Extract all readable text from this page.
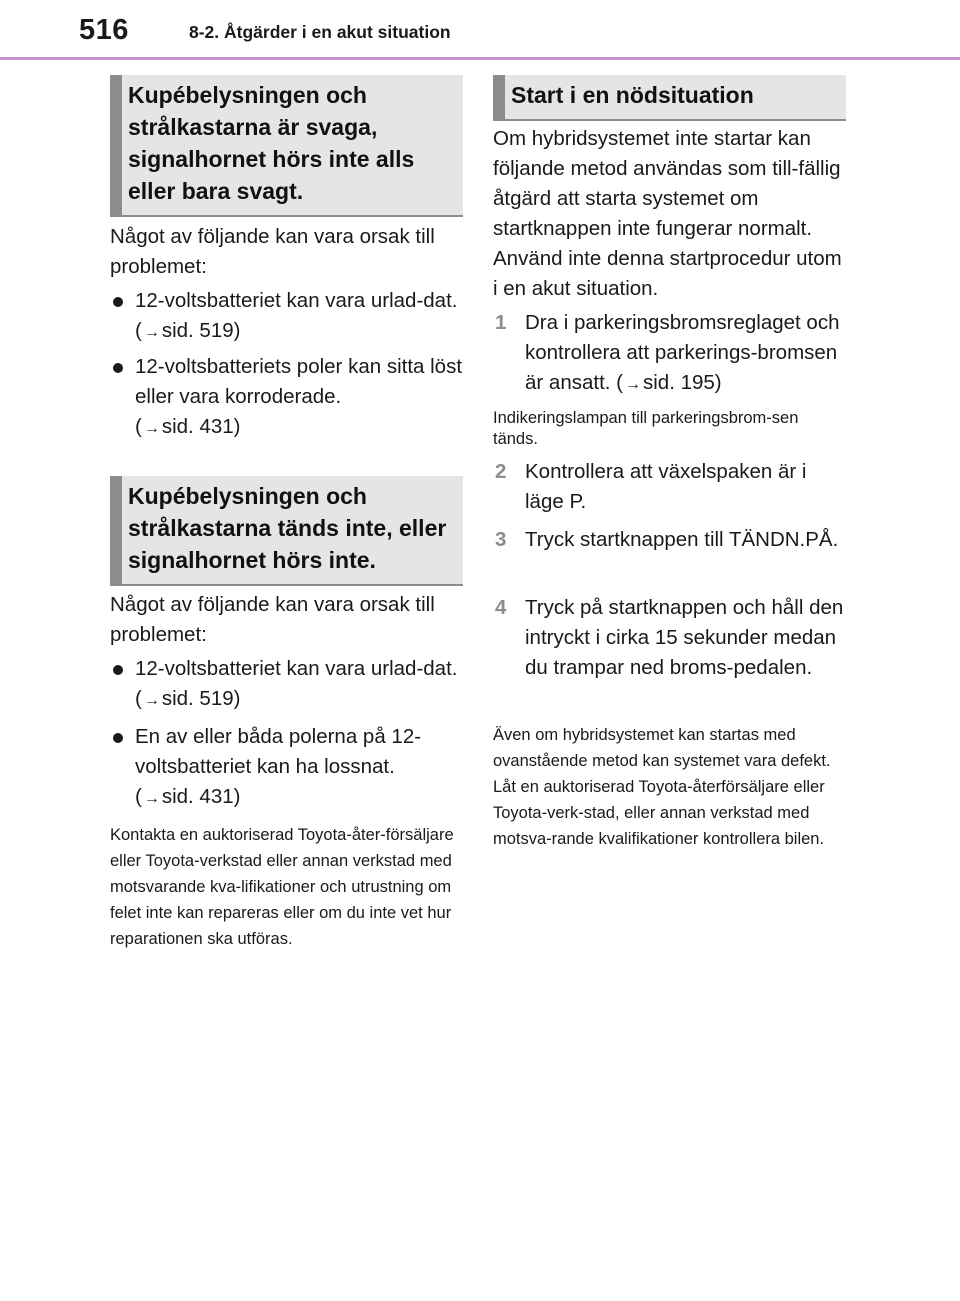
516	8-2. Åtgärder i en akut situation
Kupébelysningen och strålkastarna är svaga, signalhornet hörs inte alls eller bara svagt.
Något av följande kan vara orsak till problemet:
12-voltsbatteriet kan vara urlad-dat. ( →sid. 519)
12-voltsbatteriets poler kan sitta löst eller vara korroderade.
( →sid. 431)
Kupébelysningen och strålkastarna tänds inte, eller signalhornet hörs inte.
Något av följande kan vara orsak till problemet:
12-voltsbatteriet kan vara urlad-dat. ( →sid. 519)
En av eller båda polerna på 12-voltsbatteriet kan ha lossnat.
( →sid. 431)
Kontakta en auktoriserad Toyota-åter-försäljare eller Toyota-verkstad eller annan verkstad med motsvarande kva-lifikationer och utrustning om felet inte kan repareras eller om du inte vet hur reparationen ska utföras.
Start i en nödsituation
Om hybridsystemet inte startar kan följande metod användas som till-fällig åtgärd att starta systemet om startknappen inte fungerar normalt. Använd inte denna startprocedur utom i en akut situation.
1 Dra i parkeringsbromsreglaget och kontrollera att parkerings-bromsen är ansatt. ( →sid. 195)
Indikeringslampan till parkeringsbrom-sen tänds.
2 Kontrollera att växelspaken är i läge P.
3 Tryck startknappen till TÄNDN.PÅ.
4 Tryck på startknappen och håll den intryckt i cirka 15 sekunder medan du trampar ned broms-pedalen.
Även om hybridsystemet kan startas med ovanstående metod kan systemet vara defekt. Låt en auktoriserad Toyota-återförsäljare eller Toyota-verk-stad, eller annan verkstad med motsva-rande kvalifikationer kontrollera bilen.
